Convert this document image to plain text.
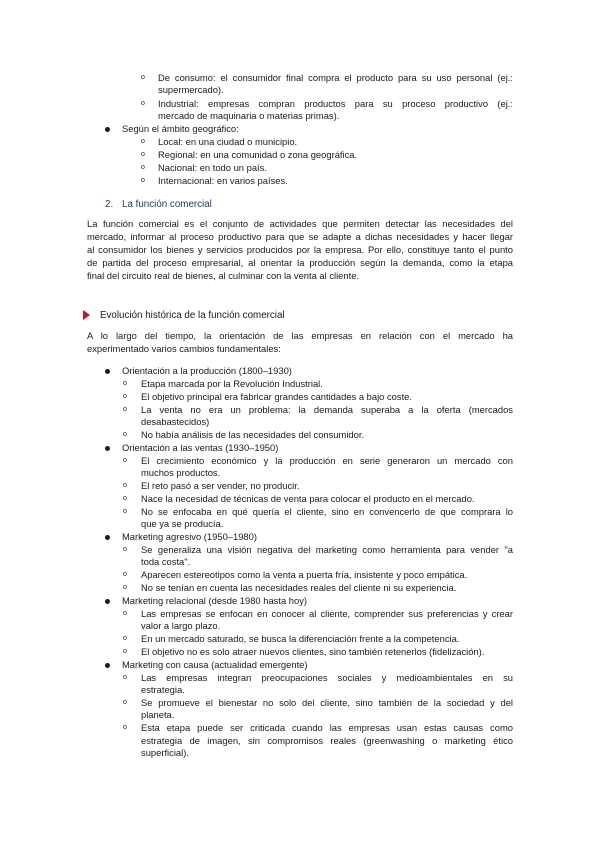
o De consumo: el consumidor final compra el producto para su uso personal (ej.:
supermercado).
o Industrial: empresas compran productos para su proceso productivo (ej.:
mercado de maquinaria o materias primas).
Según el ámbito geográfico:
o Local: en una ciudad o municipio.
o Regional: en una comunidad o zona geográfica.
o Nacional: en todo un país.
o Internacional: en varios países.
2. La función comercial
La función comercial es el conjunto de actividades que permiten detectar las necesidades del
mercado, informar al proceso productivo para que se adapte a dichas necesidades y hacer llegar
al consumidor los bienes y servicios producidos por la empresa. Por ello, constituye tanto el punto
de partida del proceso empresarial, al orientar la producción según la demanda, como la etapa
final del circuito real de bienes, al culminar con la venta al cliente.
Evolución histórica de la función comercial
A lo largo del tiempo, la orientación de las empresas en relación con el mercado ha
experimentado varios cambios fundamentales:
Orientación a la producción (1800–1930)
o Etapa marcada por la Revolución Industrial.
o El objetivo principal era fabricar grandes cantidades a bajo coste.
o La venta no era un problema: la demanda superaba a la oferta (mercados
desabastecidos)
o No había análisis de las necesidades del consumidor.
Orientación a las ventas (1930–1950)
o El crecimiento económico y la producción en serie generaron un mercado con
muchos productos.
o El reto pasó a ser vender, no producir.
o Nace la necesidad de técnicas de venta para colocar el producto en el mercado.
o No se enfocaba en qué quería el cliente, sino en convencerlo de que comprara lo
que ya se producía.
Marketing agresivo (1950–1980)
o Se generaliza una visión negativa del marketing como herramienta para vender "a
toda costa".
o Aparecen estereotipos como la venta a puerta fría, insistente y poco empática.
o No se tenían en cuenta las necesidades reales del cliente ni su experiencia.
Marketing relacional (desde 1980 hasta hoy)
o Las empresas se enfocan en conocer al cliente, comprender sus preferencias y crear
valor a largo plazo.
o En un mercado saturado, se busca la diferenciación frente a la competencia.
o El objetivo no es solo atraer nuevos clientes, sino también retenerlos (fidelización).
Marketing con causa (actualidad emergente)
o Las empresas integran preocupaciones sociales y medioambientales en su
estrategia.
o Se promueve el bienestar no solo del cliente, sino también de la sociedad y del
planeta.
o Esta etapa puede ser criticada cuando las empresas usan estas causas como
estrategia de imagen, sin compromisos reales (greenwashing o marketing ético
superficial).
